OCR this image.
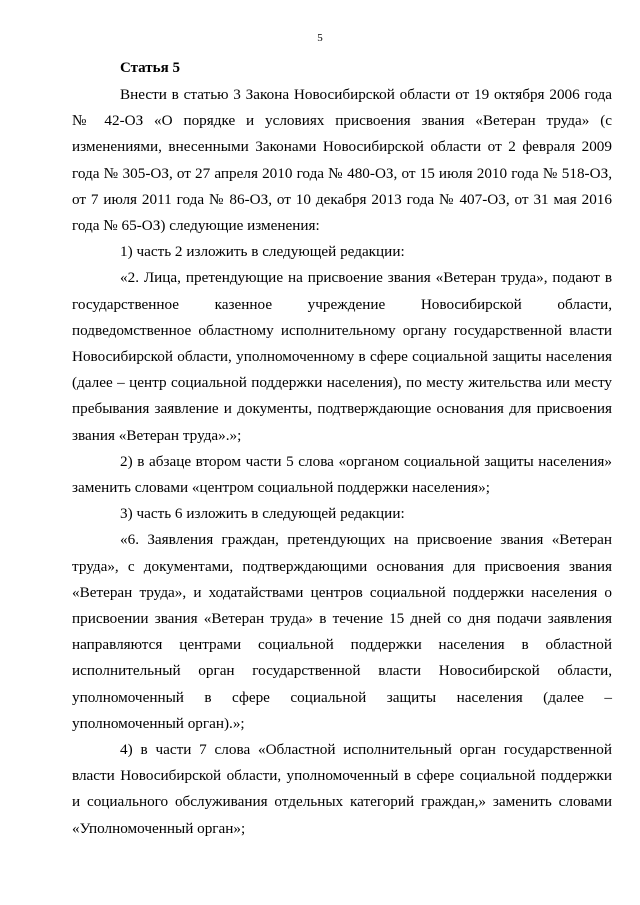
5
Статья 5
Внести в статью 3 Закона Новосибирской области от 19 октября 2006 года
№ 42-ОЗ «О порядке и условиях присвоения звания «Ветеран труда» (с
изменениями, внесенными Законами Новосибирской области от 2 февраля 2009
года № 305-ОЗ, от 27 апреля 2010 года № 480-ОЗ, от 15 июля 2010 года № 518-ОЗ,
от 7 июля 2011 года № 86-ОЗ, от 10 декабря 2013 года № 407-ОЗ, от 31 мая 2016
года № 65-ОЗ) следующие изменения:
1) часть 2 изложить в следующей редакции:
«2. Лица, претендующие на присвоение звания «Ветеран труда», подают в
государственное казенное учреждение Новосибирской области,
подведомственное областному исполнительному органу государственной власти
Новосибирской области, уполномоченному в сфере социальной защиты населения
(далее – центр социальной поддержки населения), по месту жительства или месту
пребывания заявление и документы, подтверждающие основания для присвоения
звания «Ветеран труда».»;
2) в абзаце втором части 5 слова «органом социальной защиты населения»
заменить словами «центром социальной поддержки населения»;
3) часть 6 изложить в следующей редакции:
«6. Заявления граждан, претендующих на присвоение звания «Ветеран
труда», с документами, подтверждающими основания для присвоения звания
«Ветеран труда», и ходатайствами центров социальной поддержки населения о
присвоении звания «Ветеран труда» в течение 15 дней со дня подачи заявления
направляются центрами социальной поддержки населения в областной
исполнительный орган государственной власти Новосибирской области,
уполномоченный в сфере социальной защиты населения (далее –
уполномоченный орган).»;
4) в части 7 слова «Областной исполнительный орган государственной
власти Новосибирской области, уполномоченный в сфере социальной поддержки
и социального обслуживания отдельных категорий граждан,» заменить словами
«Уполномоченный орган»;
